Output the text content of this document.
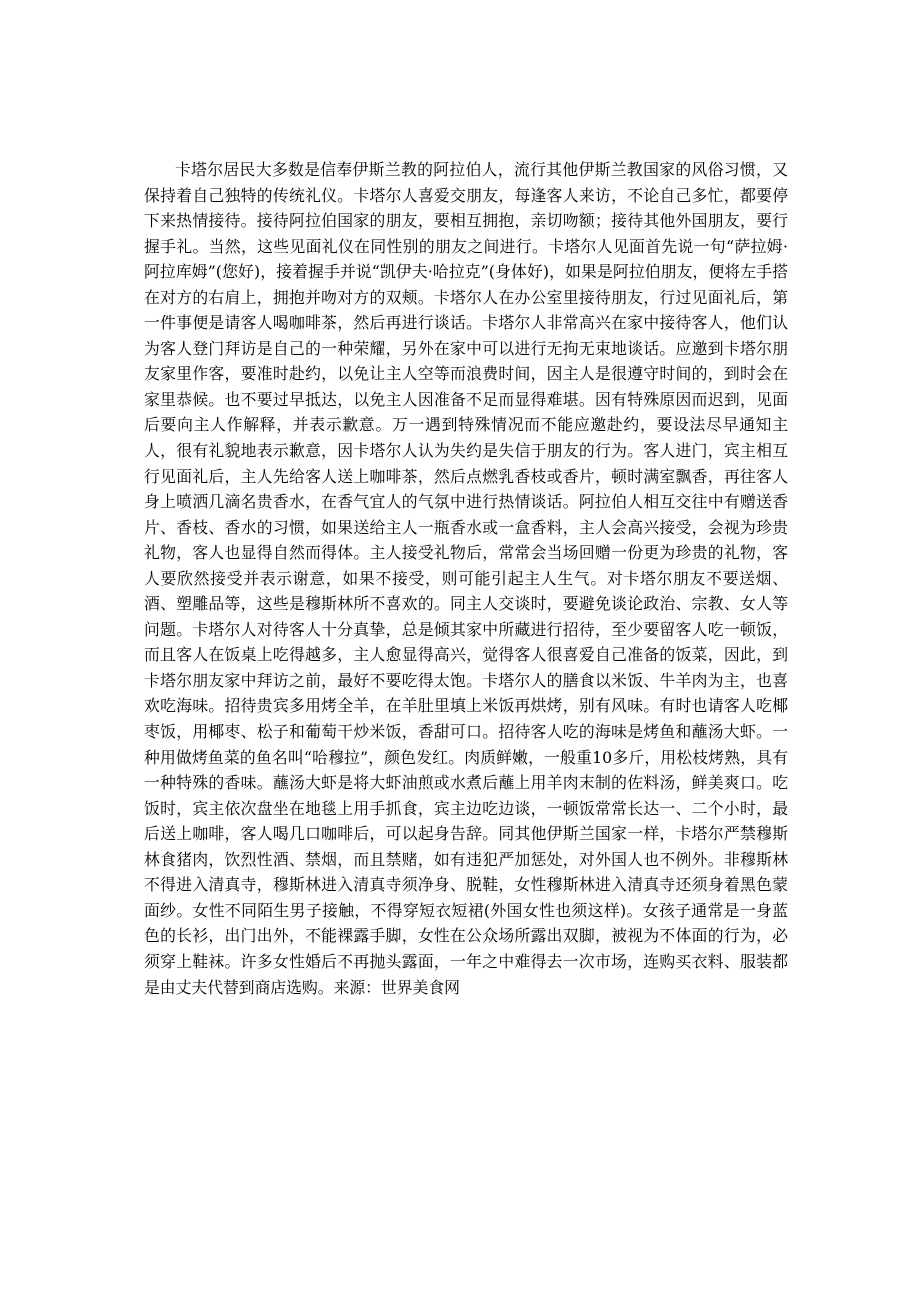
卡塔尔居民大多数是信奉伊斯兰教的阿拉伯人，流行其他伊斯兰教国家的风俗习惯，又保持着自己独特的传统礼仪。卡塔尔人喜爱交朋友，每逢客人来访，不论自己多忙，都要停下来热情接待。接待阿拉伯国家的朋友，要相互拥抱，亲切吻额；接待其他外国朋友，要行握手礼。当然，这些见面礼仪在同性别的朋友之间进行。卡塔尔人见面首先说一句“萨拉姆·阿拉库姆”(您好)，接着握手并说“凯伊夫·哈拉克”(身体好)，如果是阿拉伯朋友，便将左手搭在对方的右肩上，拥抱并吻对方的双颊。卡塔尔人在办公室里接待朋友，行过见面礼后，第一件事便是请客人喝咖啡茶，然后再进行谈话。卡塔尔人非常高兴在家中接待客人，他们认为客人登门拜访是自己的一种荣耀，另外在家中可以进行无拘无束地谈话。应邀到卡塔尔朋友家里作客，要准时赴约，以免让主人空等而浪费时间，因主人是很遵守时间的，到时会在家里恭候。也不要过早抵达，以免主人因准备不足而显得难堪。因有特殊原因而迟到，见面后要向主人作解释，并表示歉意。万一遇到特殊情况而不能应邀赴约，要设法尽早通知主人，很有礼貌地表示歉意，因卡塔尔人认为失约是失信于朋友的行为。客人进门，宾主相互行见面礼后，主人先给客人送上咖啡茶，然后点燃乳香枝或香片，顿时满室飘香，再往客人身上喷洒几滴名贵香水，在香气宜人的气氛中进行热情谈话。阿拉伯人相互交往中有赠送香片、香枝、香水的习惯，如果送给主人一瓶香水或一盒香料，主人会高兴接受，会视为珍贵礼物，客人也显得自然而得体。主人接受礼物后，常常会当场回赠一份更为珍贵的礼物，客人要欣然接受并表示谢意，如果不接受，则可能引起主人生气。对卡塔尔朋友不要送烟、酒、塑雕品等，这些是穆斯林所不喜欢的。同主人交谈时，要避免谈论政治、宗教、女人等问题。卡塔尔人对待客人十分真挚，总是倾其家中所藏进行招待，至少要留客人吃一顿饭，而且客人在饭桌上吃得越多，主人愈显得高兴，觉得客人很喜爱自己准备的饭菜，因此，到卡塔尔朋友家中拜访之前，最好不要吃得太饱。卡塔尔人的膳食以米饭、牛羊肉为主，也喜欢吃海味。招待贵宾多用烤全羊，在羊肚里填上米饭再烘烤，别有风味。有时也请客人吃椰枣饭，用椰枣、松子和葡萄干炒米饭，香甜可口。招待客人吃的海味是烤鱼和蘸汤大虾。一种用做烤鱼菜的鱼名叫“哈穆拉”，颜色发红。肉质鲜嫩，一般重10多斤，用松枝烤熟，具有一种特殊的香味。蘸汤大虾是将大虾油煎或水煮后蘸上用羊肉末制的佐料汤，鲜美爽口。吃饭时，宾主依次盘坐在地毯上用手抓食，宾主边吃边谈，一顿饭常常长达一、二个小时，最后送上咖啡，客人喝几口咖啡后，可以起身告辞。同其他伊斯兰国家一样，卡塔尔严禁穆斯林食猪肉，饮烈性酒、禁烟，而且禁赌，如有违犯严加惩处，对外国人也不例外。非穆斯林不得进入清真寺，穆斯林进入清真寺须净身、脱鞋，女性穆斯林进入清真寺还须身着黑色蒙面纱。女性不同陌生男子接触，不得穿短衣短裙(外国女性也须这样)。女孩子通常是一身蓝色的长衫，出门出外，不能裸露手脚，女性在公众场所露出双脚，被视为不体面的行为，必须穿上鞋袜。许多女性婚后不再抛头露面，一年之中难得去一次市场，连购买衣料、服装都是由丈夫代替到商店选购。来源：世界美食网
